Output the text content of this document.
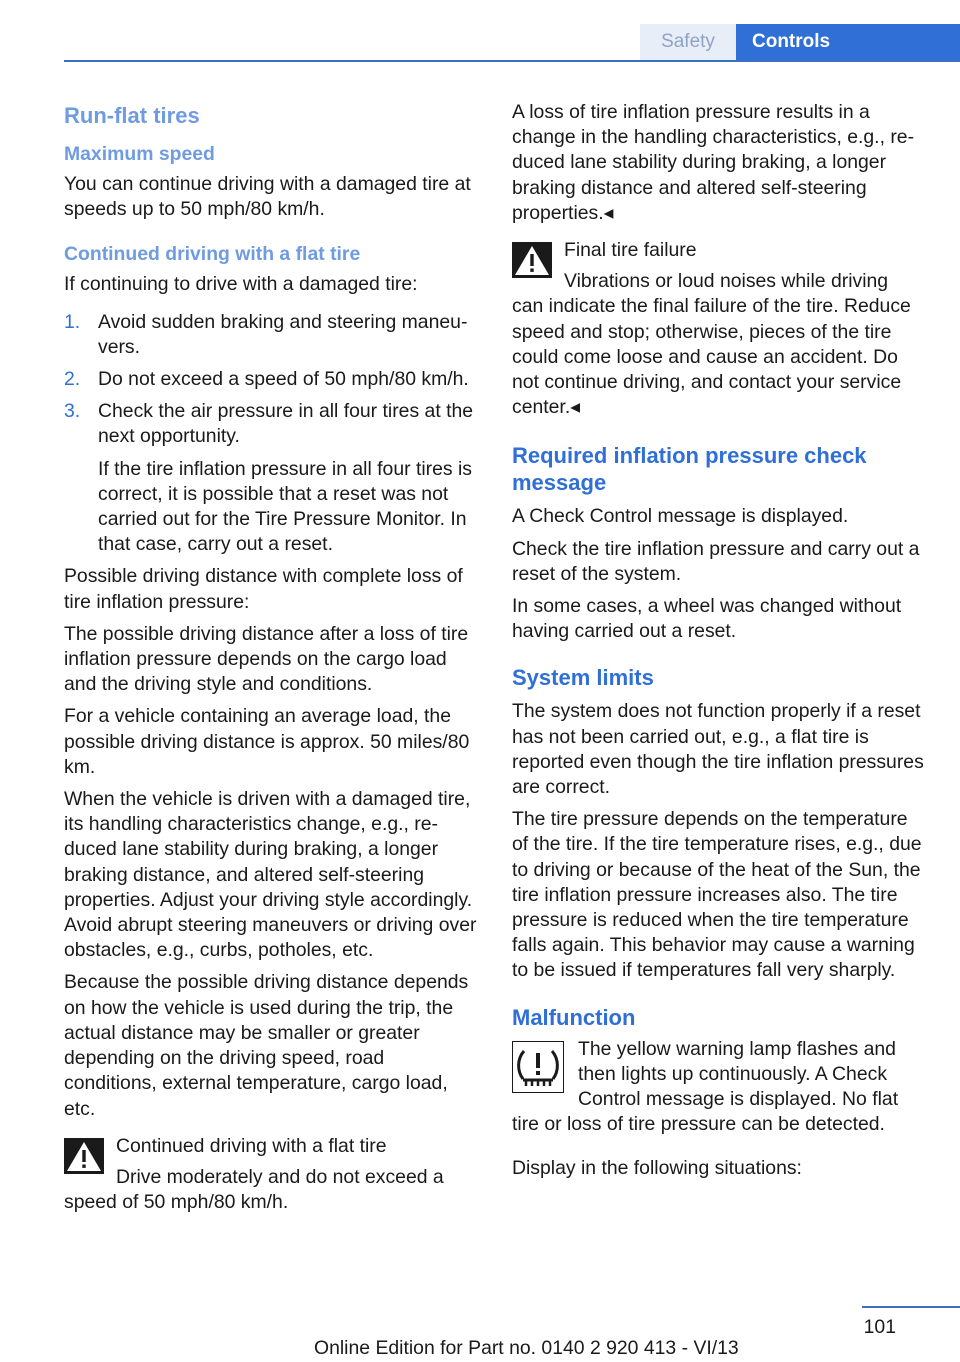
Safety	Controls
Run-flat tires
Maximum speed

You can continue driving with a damaged tire at speeds up to 50 mph/80 km/h.

Continued driving with a flat tire

If continuing to drive with a damaged tire:

1. Avoid sudden braking and steering maneuvers.
2. Do not exceed a speed of 50 mph/80 km/h.
3. Check the air pressure in all four tires at the next opportunity.

If the tire inflation pressure in all four tires is correct, it is possible that a reset was not carried out for the Tire Pressure Monitor. In that case, carry out a reset.

Possible driving distance with complete loss of tire inflation pressure:

The possible driving distance after a loss of tire inflation pressure depends on the cargo load and the driving style and conditions.

For a vehicle containing an average load, the possible driving distance is approx. 50 miles/80 km.

When the vehicle is driven with a damaged tire, its handling characteristics change, e.g., reduced lane stability during braking, a longer braking distance, and altered self-steering properties. Adjust your driving style accordingly. Avoid abrupt steering maneuvers or driving over obstacles, e.g., curbs, potholes, etc.

Because the possible driving distance depends on how the vehicle is used during the trip, the actual distance may be smaller or greater depending on the driving speed, road conditions, external temperature, cargo load, etc.

Continued driving with a flat tire

Drive moderately and do not exceed a speed of 50 mph/80 km/h.

A loss of tire inflation pressure results in a change in the handling characteristics, e.g., reduced lane stability during braking, a longer braking distance and altered self-steering properties.◂

Final tire failure

Vibrations or loud noises while driving can indicate the final failure of the tire. Reduce speed and stop; otherwise, pieces of the tire could come loose and cause an accident. Do not continue driving, and contact your service center.◂

Required inflation pressure check message

A Check Control message is displayed.

Check the tire inflation pressure and carry out a reset of the system.

In some cases, a wheel was changed without having carried out a reset.

System limits

The system does not function properly if a reset has not been carried out, e.g., a flat tire is reported even though the tire inflation pressures are correct.

The tire pressure depends on the temperature of the tire. If the tire temperature rises, e.g., due to driving or because of the heat of the Sun, the tire inflation pressure increases also. The tire pressure is reduced when the tire temperature falls again. This behavior may cause a warning to be issued if temperatures fall very sharply.

Malfunction

The yellow warning lamp flashes and then lights up continuously. A Check Control message is displayed. No flat tire or loss of tire pressure can be detected.

Display in the following situations:

101
Online Edition for Part no. 0140 2 920 413 - VI/13
